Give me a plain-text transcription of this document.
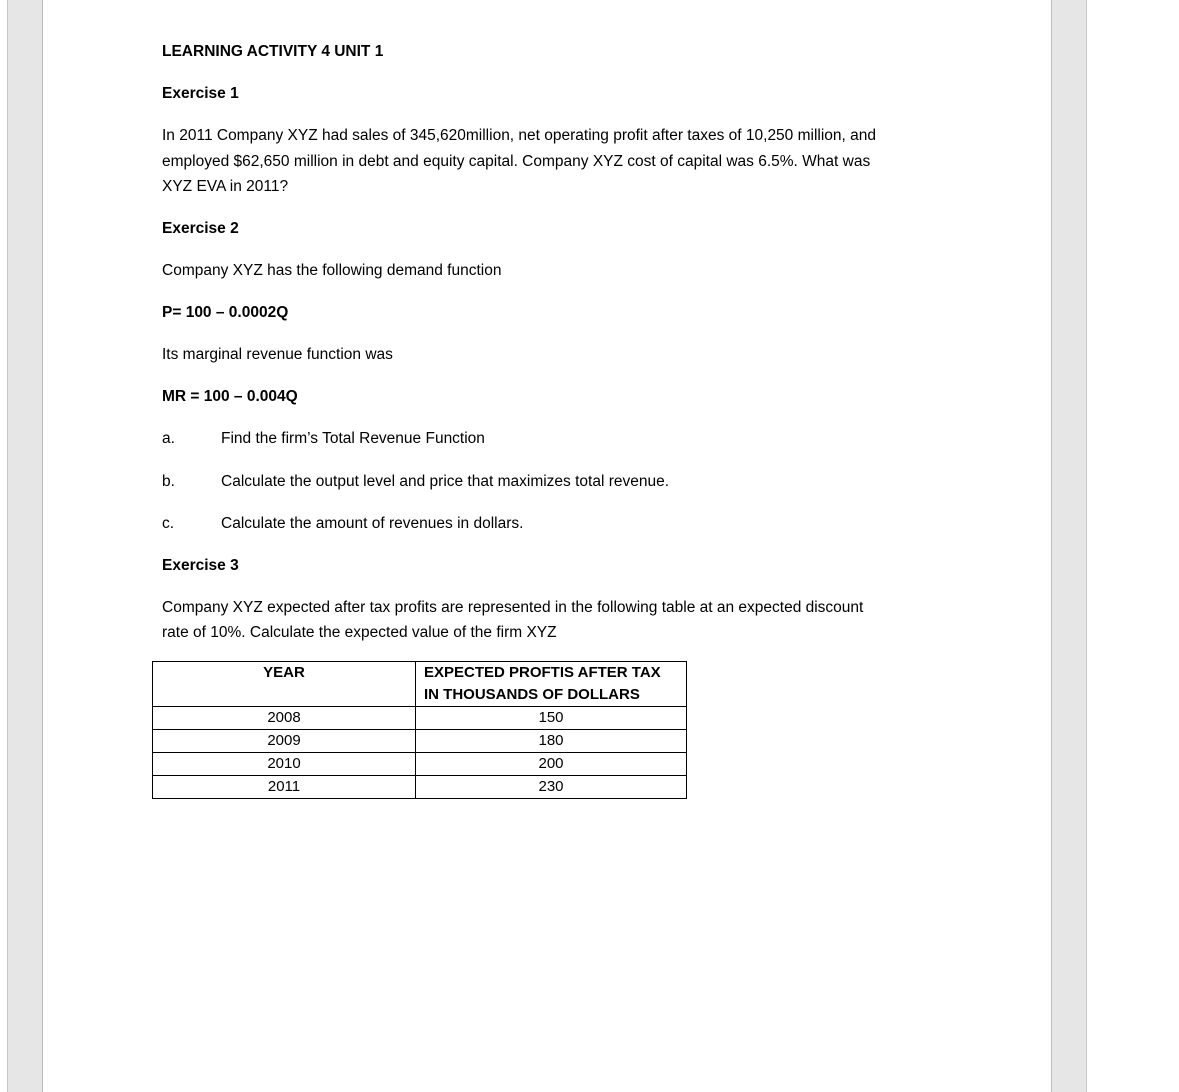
LEARNING ACTIVITY 4 UNIT 1
Exercise 1
In 2011 Company XYZ had sales of 345,620million, net operating profit after taxes of 10,250 million, and
employed $62,650 million in debt and equity capital. Company XYZ cost of capital was 6.5%. What was
XYZ EVA in 2011?
Exercise 2
Company XYZ has the following demand function
P= 100 – 0.0002Q
Its marginal revenue function was
MR = 100 – 0.004Q
a.	Find the firm’s Total Revenue Function
b.	Calculate the output level and price that maximizes total revenue.
c.	Calculate the amount of revenues in dollars.
Exercise 3
Company XYZ expected after tax profits are represented in the following table at an expected discount
rate of 10%. Calculate the expected value of the firm XYZ
YEAR	EXPECTED PROFTIS AFTER TAX
IN THOUSANDS OF DOLLARS

2008	150
2009	180
2010	200
2011	230
